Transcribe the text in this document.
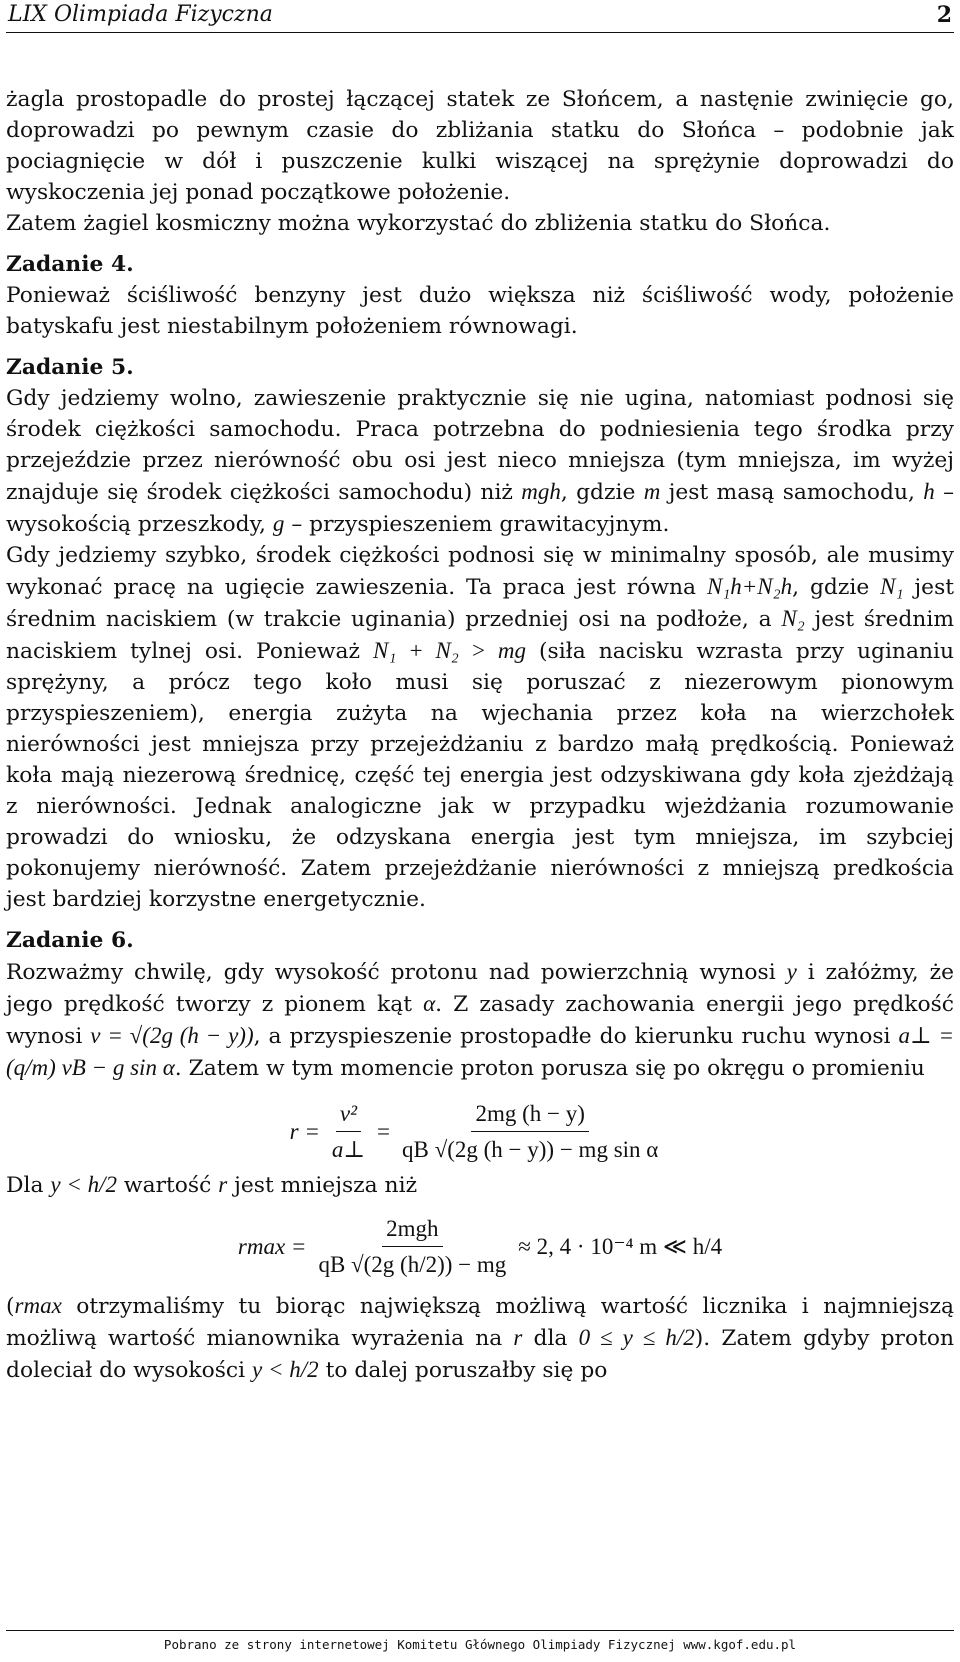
LIX Olimpiada Fizyczna	2

żagla prostopadle do prostej łączącej statek ze Słońcem, a nastęnie zwinięcie go, doprowadzi po pewnym czasie do zbliżania statku do Słońca – podobnie jak pociagnięcie w dół i puszczenie kulki wiszącej na sprężynie doprowadzi do wyskoczenia jej ponad początkowe położenie.

Zatem żagiel kosmiczny można wykorzystać do zbliżenia statku do Słońca.

Zadanie 4.

Ponieważ ściśliwość benzyny jest dużo większa niż ściśliwość wody, położenie batyskafu jest niestabilnym położeniem równowagi.

Zadanie 5.

Gdy jedziemy wolno, zawieszenie praktycznie się nie ugina, natomiast podnosi się środek ciężkości samochodu. Praca potrzebna do podniesienia tego środka przy przejeździe przez nierówność obu osi jest nieco mniejsza (tym mniejsza, im wyżej znajduje się środek ciężkości samochodu) niż mgh, gdzie m jest masą samochodu, h – wysokością przeszkody, g – przyspieszeniem grawitacyjnym.

Gdy jedziemy szybko, środek ciężkości podnosi się w minimalny sposób, ale musimy wykonać pracę na ugięcie zawieszenia. Ta praca jest równa N₁h+N₂h, gdzie N₁ jest średnim naciskiem (w trakcie uginania) przedniej osi na podłoże, a N₂ jest średnim naciskiem tylnej osi. Ponieważ N₁ + N₂ > mg (siła nacisku wzrasta przy uginaniu sprężyny, a prócz tego koło musi się poruszać z niezerowym pionowym przyspieszeniem), energia zużyta na wjechania przez koła na wierzchołek nierówności jest mniejsza przy przejeżdżaniu z bardzo małą prędkością. Ponieważ koła mają niezerową średnicę, część tej energia jest odzyskiwana gdy koła zjeżdżają z nierówności. Jednak analogiczne jak w przypadku wjeżdżania rozumowanie prowadzi do wniosku, że odzyskana energia jest tym mniejsza, im szybciej pokonujemy nierówność. Zatem przejeżdżanie nierówności z mniejszą predkościa jest bardziej korzystne energetycznie.

Zadanie 6.

Rozważmy chwilę, gdy wysokość protonu nad powierzchnią wynosi y i załóżmy, że jego prędkość tworzy z pionem kąt α. Z zasady zachowania energii jego prędkość wynosi v = √(2g (h − y)), a przyspieszenie prostopadłe do kierunku ruchu wynosi a⊥ = (q/m) vB − g sin α. Zatem w tym momencie proton porusza się po okręgu o promieniu

$r = \frac{\text{v²}}{a\perp} = \frac{2mg (h - y)}{\text{qB √(2g (h − y)) − mg sin α}}$

Dla y < h/2 wartość r jest mniejsza niż

$rmax = \frac{\text{2mgh}}{qB √(2g (h/2)) - mg} \approx 2$, 4 · 10⁻⁴ m ≪ h/4

(rmax otrzymaliśmy tu biorąc największą możliwą wartość licznika i najmniejszą możliwą wartość mianownika wyrażenia na r dla 0 ≤ y ≤ h/2). Zatem gdyby proton doleciał do wysokości y < h/2 to dalej poruszałby się po

Pobrano ze strony internetowej Komitetu Głównego Olimpiady Fizycznej www.kgof.edu.pl
